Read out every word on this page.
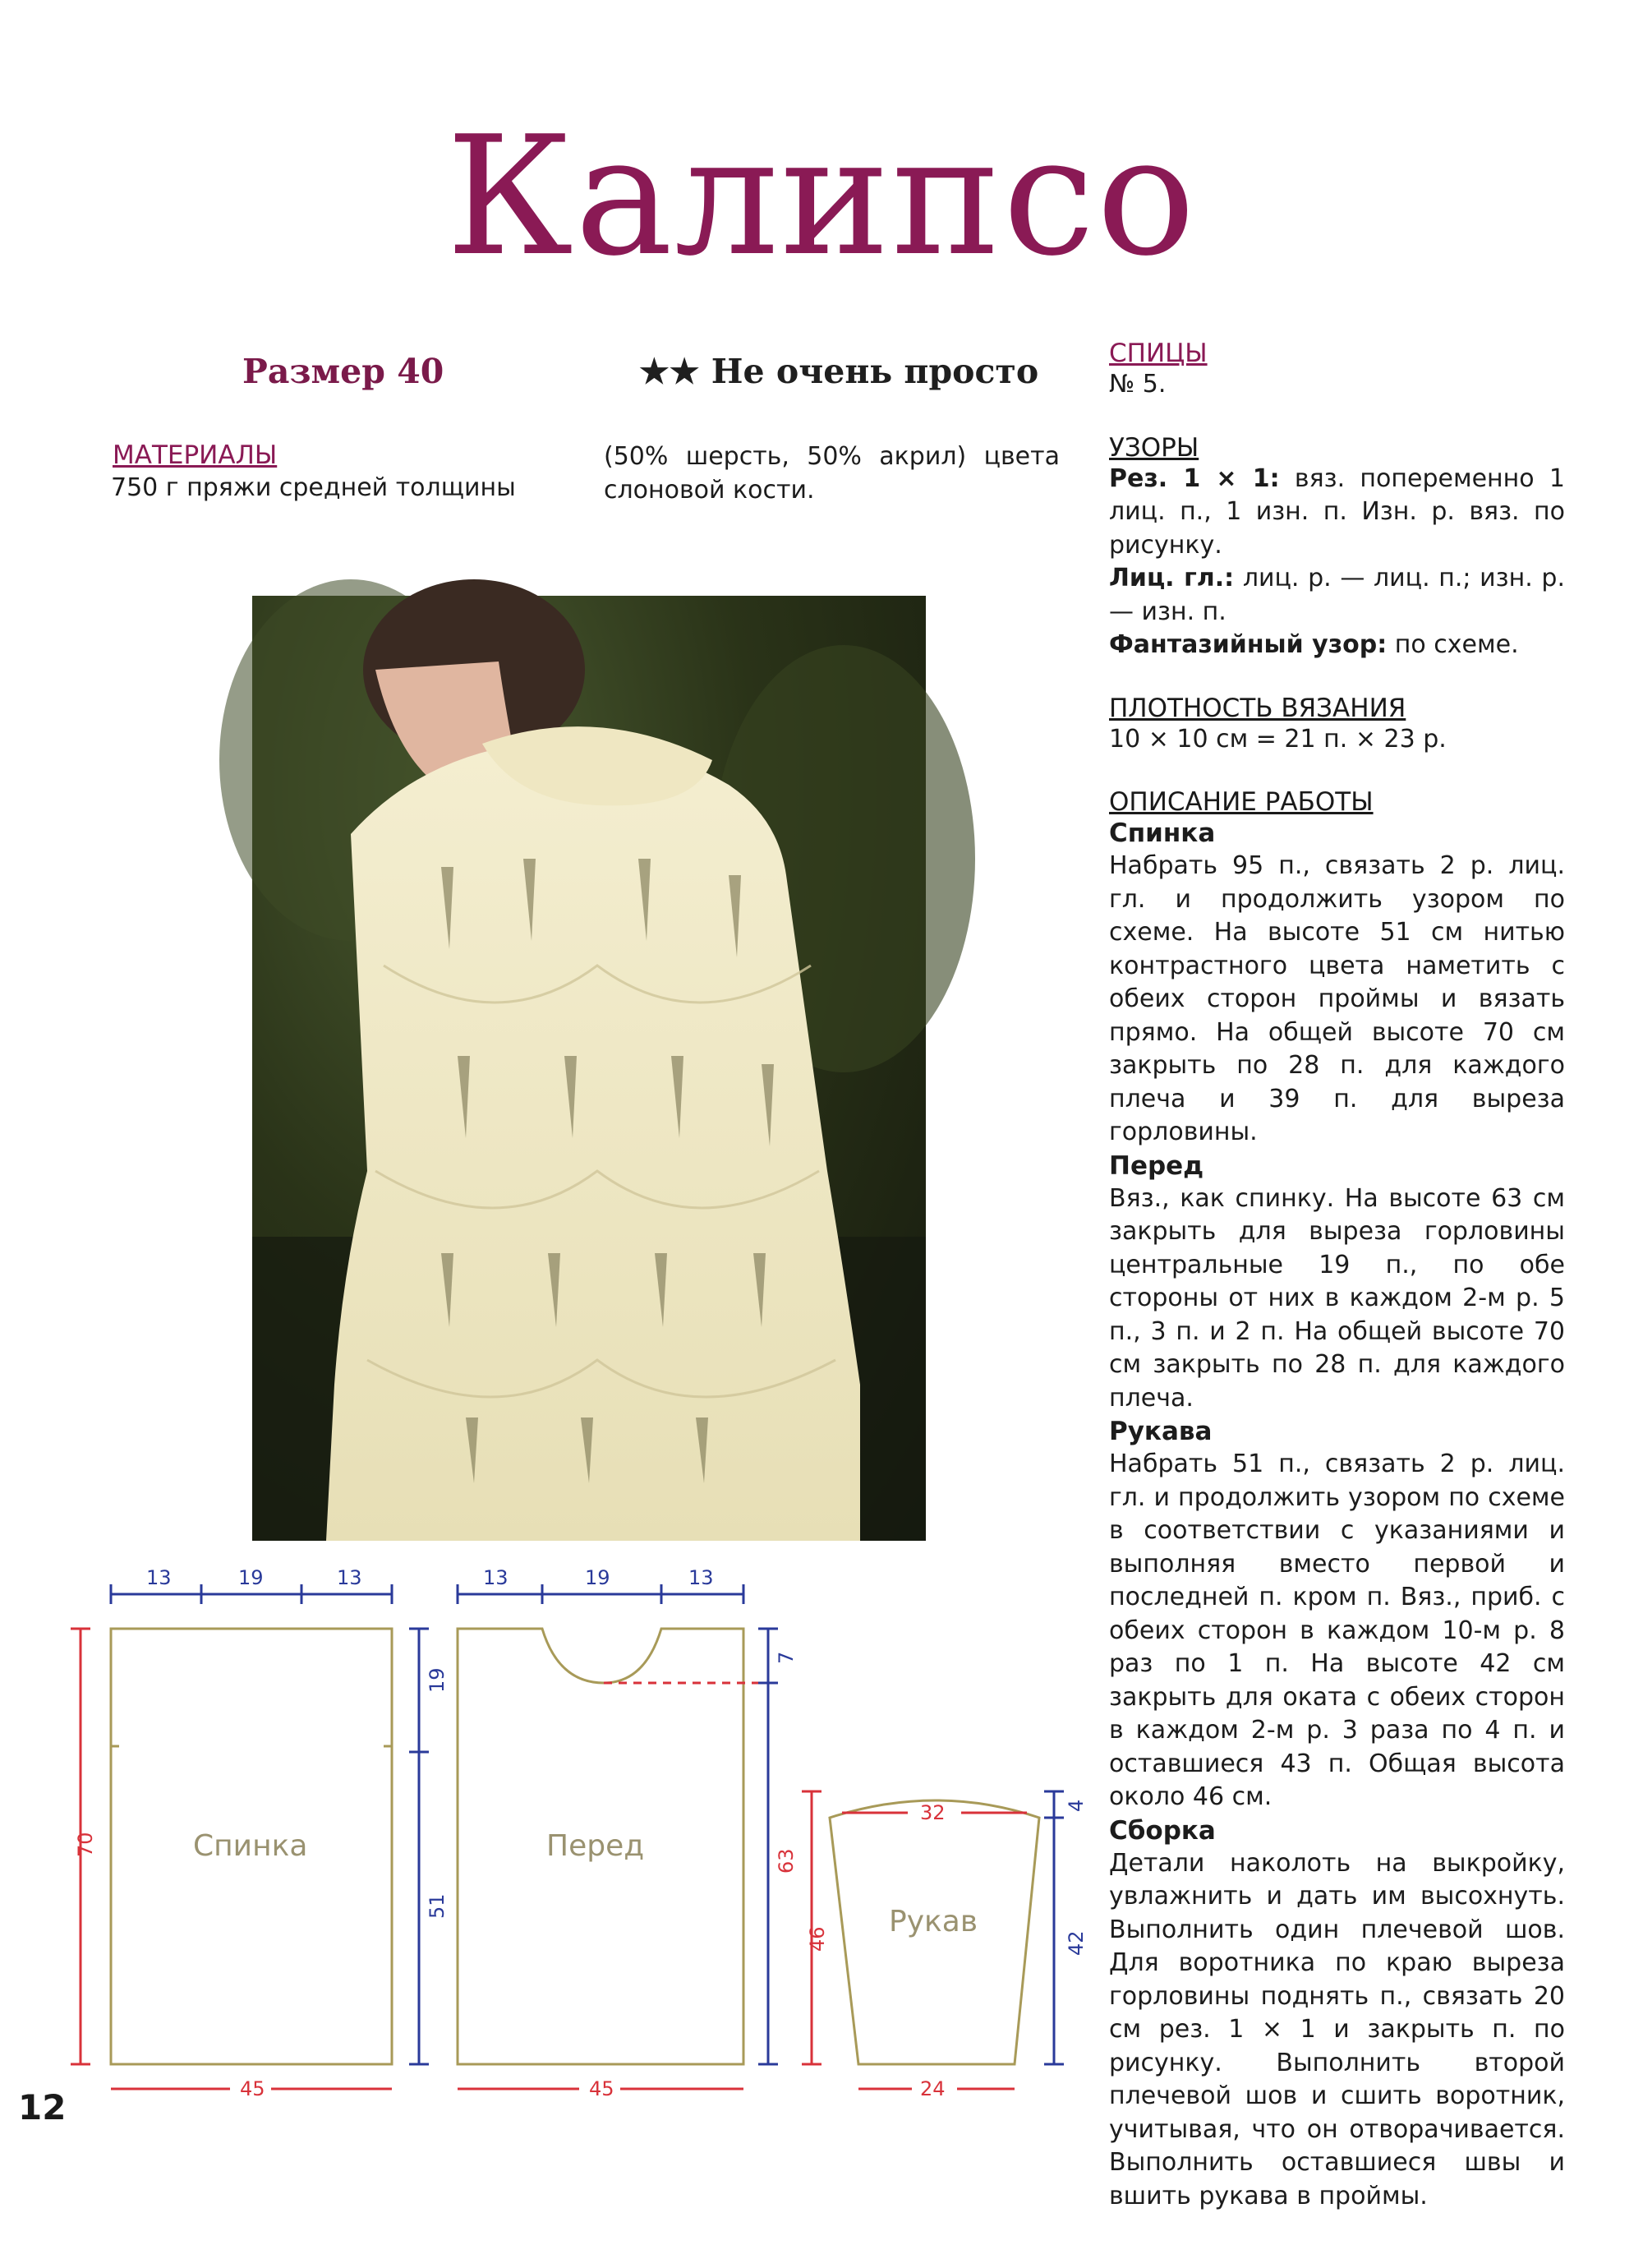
Калипсо
Размер 40	★★ Не очень просто
МАТЕРИАЛЫ
750 г пряжи средней толщины
(50% шерсть, 50% акрил) цвета слоновой кости.
13	19	13	13	19	13
19
51
7
4
42
70
45	45
63
46
32
24
Спинка	Перед
Рукав
12
СПИЦЫ
№ 5.
УЗОРЫ
Рез. 1 × 1: вяз. попеременно 1 лиц. п., 1 изн. п. Изн. р. вяз. по рисунку.
Лиц. гл.: лиц. р. — лиц. п.; изн. р. — изн. п.
Фантазийный узор: по схеме.
ПЛОТНОСТЬ ВЯЗАНИЯ
10 × 10 см = 21 п. × 23 р.
ОПИСАНИЕ РАБОТЫ
Спинка
Набрать 95 п., связать 2 р. лиц. гл. и продолжить узором по схеме. На высоте 51 см нитью контрастного цвета наметить с обеих сторон проймы и вязать прямо. На общей высоте 70 см закрыть по 28 п. для каждого плеча и 39 п. для выреза горловины.
Перед
Вяз., как спинку. На высоте 63 см закрыть для выреза горловины центральные 19 п., по обе стороны от них в каждом 2-м р. 5 п., 3 п. и 2 п. На общей высоте 70 см закрыть по 28 п. для каждого плеча.
Рукава
Набрать 51 п., связать 2 р. лиц. гл. и продолжить узором по схеме в соответствии с указаниями и выполняя вместо первой и последней п. кром п. Вяз., приб. с обеих сторон в каждом 10-м р. 8 раз по 1 п. На высоте 42 см закрыть для оката с обеих сторон в каждом 2-м р. 3 раза по 4 п. и оставшиеся 43 п. Общая высота около 46 см.
Сборка
Детали наколоть на выкройку, увлажнить и дать им высохнуть. Выполнить один плечевой шов. Для воротника по краю выреза горловины поднять п., связать 20 см рез. 1 × 1 и закрыть п. по рисунку. Выполнить второй плечевой шов и сшить воротник, учитывая, что он отворачивается. Выполнить оставшиеся швы и вшить рукава в проймы.
